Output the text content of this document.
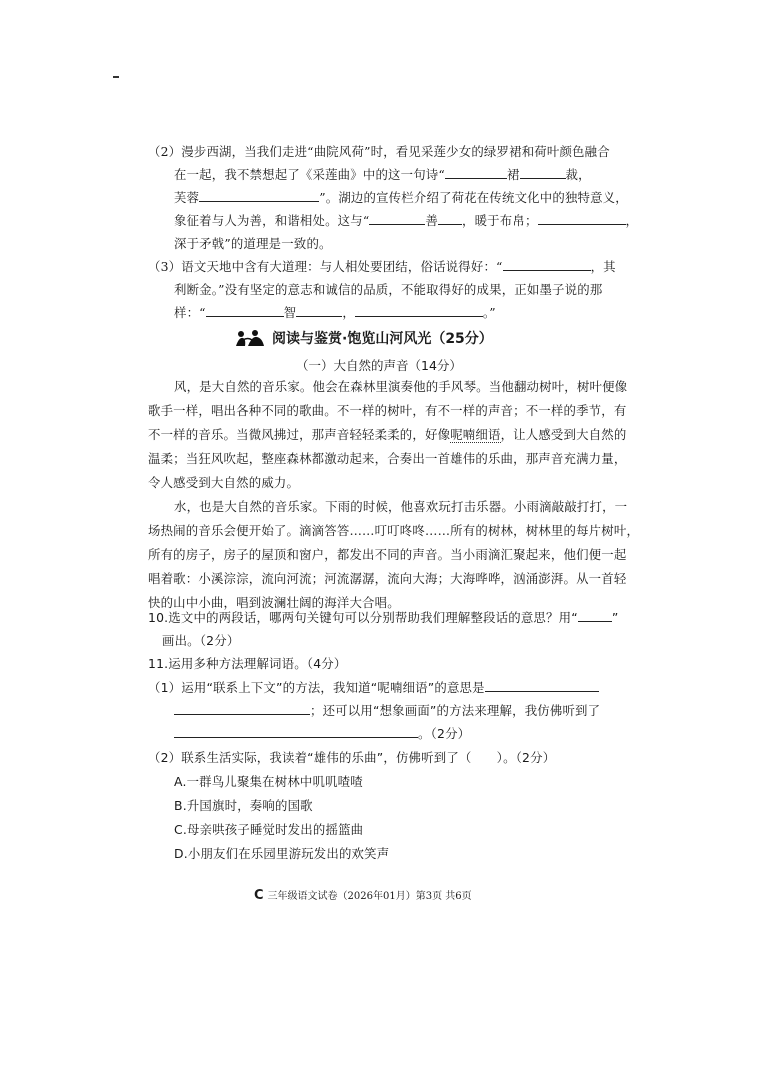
（2）漫步西湖，当我们走进“曲院风荷”时，看见采莲少女的绿罗裙和荷叶颜色融合
在一起，我不禁想起了《采莲曲》中的这一句诗“	裙	裁，
芙蓉	”。湖边的宣传栏介绍了荷花在传统文化中的独特意义，
象征着与人为善，和谐相处。这与“	善 ，暖于布帛；	，
深于矛戟”的道理是一致的。
（3）语文天地中含有大道理：与人相处要团结，俗话说得好：“	，其
利断金。”没有坚定的意志和诚信的品质，不能取得好的成果，正如墨子说的那
样：“	智	，	。”
阅读与鉴赏·饱览山河风光（25分）
（一）大自然的声音（14分）
风，是大自然的音乐家。他会在森林里演奏他的手风琴。当他翻动树叶，树叶便像
歌手一样，唱出各种不同的歌曲。不一样的树叶，有不一样的声音；不一样的季节，有
不一样的音乐。当微风拂过，那声音轻轻柔柔的，好像呢喃细语，让人感受到大自然的
温柔；当狂风吹起，整座森林都激动起来，合奏出一首雄伟的乐曲，那声音充满力量，
令人感受到大自然的威力。
水，也是大自然的音乐家。下雨的时候，他喜欢玩打击乐器。小雨滴敲敲打打，一
场热闹的音乐会便开始了。滴滴答答……叮叮咚咚……所有的树林，树林里的每片树叶，
所有的房子，房子的屋顶和窗户，都发出不同的声音。当小雨滴汇聚起来，他们便一起
唱着歌：小溪淙淙，流向河流；河流潺潺，流向大海；大海哗哗，汹涌澎湃。从一首轻
快的山中小曲，唱到波澜壮阔的海洋大合唱。
10.选文中的两段话，哪两句关键句可以分别帮助我们理解整段话的意思？用“	”
画出。（2分）
11.运用多种方法理解词语。（4分）
（1）运用“联系上下文”的方法，我知道“呢喃细语”的意思是
；还可以用“想象画面”的方法来理解，我仿佛听到了
。（2分）
（2）联系生活实际，我读着“雄伟的乐曲”，仿佛听到了（　　）。（2分）
A.一群鸟儿聚集在树林中叽叽喳喳
B.升国旗时，奏响的国歌
C.母亲哄孩子睡觉时发出的摇篮曲
D.小朋友们在乐园里游玩发出的欢笑声
C 三年级语文试卷（2026年01月）第3页 共6页
